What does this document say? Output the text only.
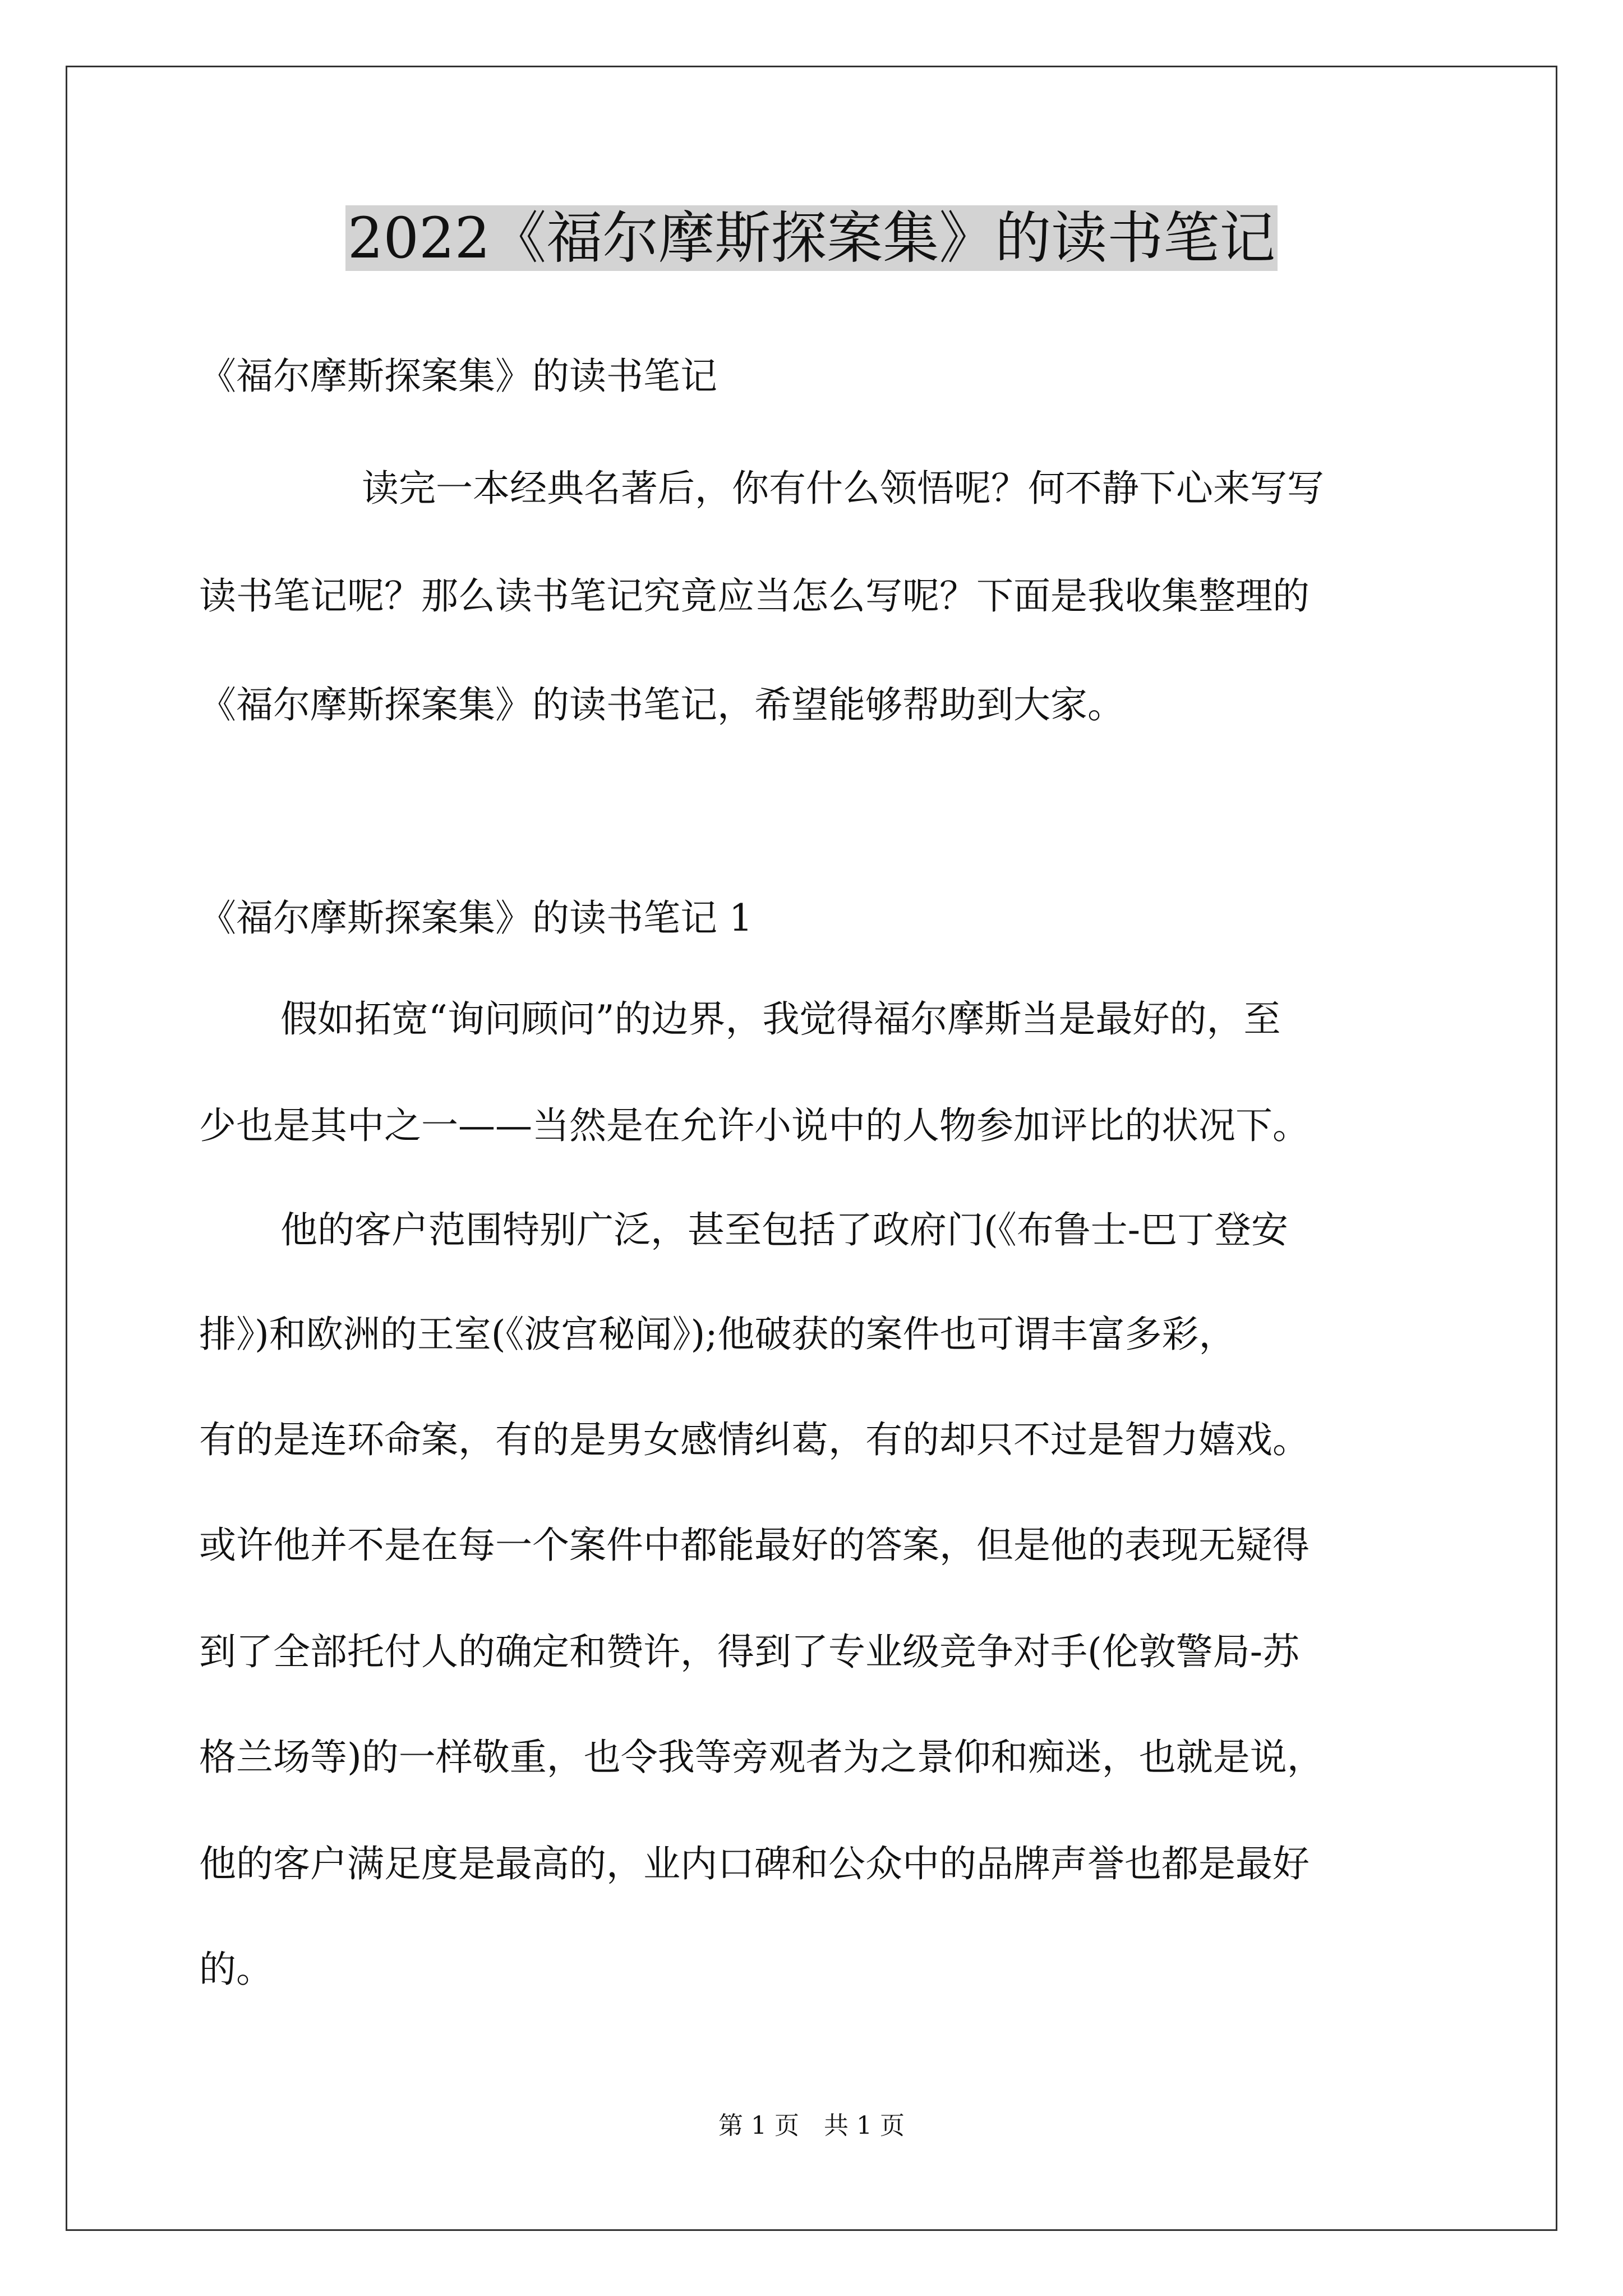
2022《福尔摩斯探案集》的读书笔记
《福尔摩斯探案集》的读书笔记
读完一本经典名著后，你有什么领悟呢？何不静下心来写写
读书笔记呢？那么读书笔记究竟应当怎么写呢？下面是我收集整理的
《福尔摩斯探案集》的读书笔记，希望能够帮助到大家。
《福尔摩斯探案集》的读书笔记 1
假如拓宽“询问顾问”的边界，我觉得福尔摩斯当是最好的，至
少也是其中之一——当然是在允许小说中的人物参加评比的状况下。
他的客户范围特别广泛，甚至包括了政府门(《布鲁士-巴丁登安
排》)和欧洲的王室(《波宫秘闻》);他破获的案件也可谓丰富多彩，
有的是连环命案，有的是男女感情纠葛，有的却只不过是智力嬉戏。
或许他并不是在每一个案件中都能最好的答案，但是他的表现无疑得
到了全部托付人的确定和赞许，得到了专业级竞争对手(伦敦警局-苏
格兰场等)的一样敬重，也令我等旁观者为之景仰和痴迷，也就是说，
他的客户满足度是最高的，业内口碑和公众中的品牌声誉也都是最好
的。
第 1 页　共 1 页
